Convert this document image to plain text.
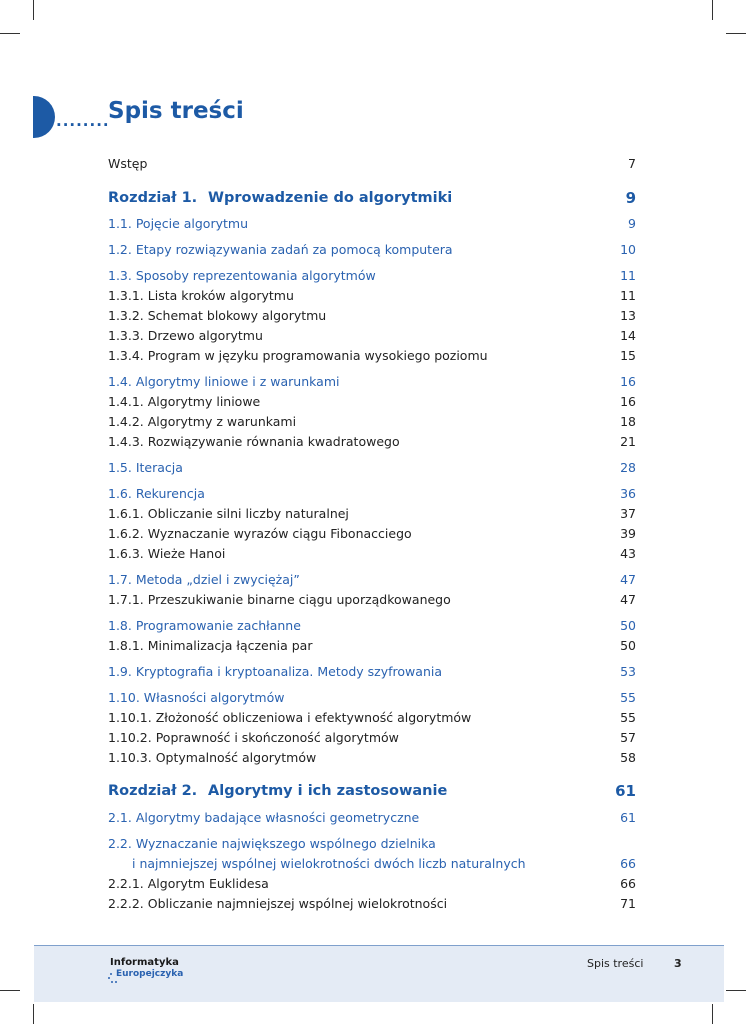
........
Spis treści
Wstęp	7
Rozdział 1. Wprowadzenie do algorytmiki	9
1.1. Pojęcie algorytmu	9
1.2. Etapy rozwiązywania zadań za pomocą komputera	10
1.3. Sposoby reprezentowania algorytmów	11
1.3.1. Lista kroków algorytmu	11
1.3.2. Schemat blokowy algorytmu	13
1.3.3. Drzewo algorytmu	14
1.3.4. Program w języku programowania wysokiego poziomu	15
1.4. Algorytmy liniowe i z warunkami	16
1.4.1. Algorytmy liniowe	16
1.4.2. Algorytmy z warunkami	18
1.4.3. Rozwiązywanie równania kwadratowego	21
1.5. Iteracja	28
1.6. Rekurencja	36
1.6.1. Obliczanie silni liczby naturalnej	37
1.6.2. Wyznaczanie wyrazów ciągu Fibonacciego	39
1.6.3. Wieże Hanoi	43
1.7. Metoda „dziel i zwyciężaj”	47
1.7.1. Przeszukiwanie binarne ciągu uporządkowanego	47
1.8. Programowanie zachłanne	50
1.8.1. Minimalizacja łączenia par	50
1.9. Kryptografia i kryptoanaliza. Metody szyfrowania	53
1.10. Własności algorytmów	55
1.10.1. Złożoność obliczeniowa i efektywność algorytmów	55
1.10.2. Poprawność i skończoność algorytmów	57
1.10.3. Optymalność algorytmów	58
Rozdział 2. Algorytmy i ich zastosowanie	61
2.1. Algorytmy badające własności geometryczne	61
2.2. Wyznaczanie największego wspólnego dzielnika
i najmniejszej wspólnej wielokrotności dwóch liczb naturalnych	66
2.2.1. Algorytm Euklidesa	66
2.2.2. Obliczanie najmniejszej wspólnej wielokrotności	71
Informatyka
Europejczyka
Spis treści	3
